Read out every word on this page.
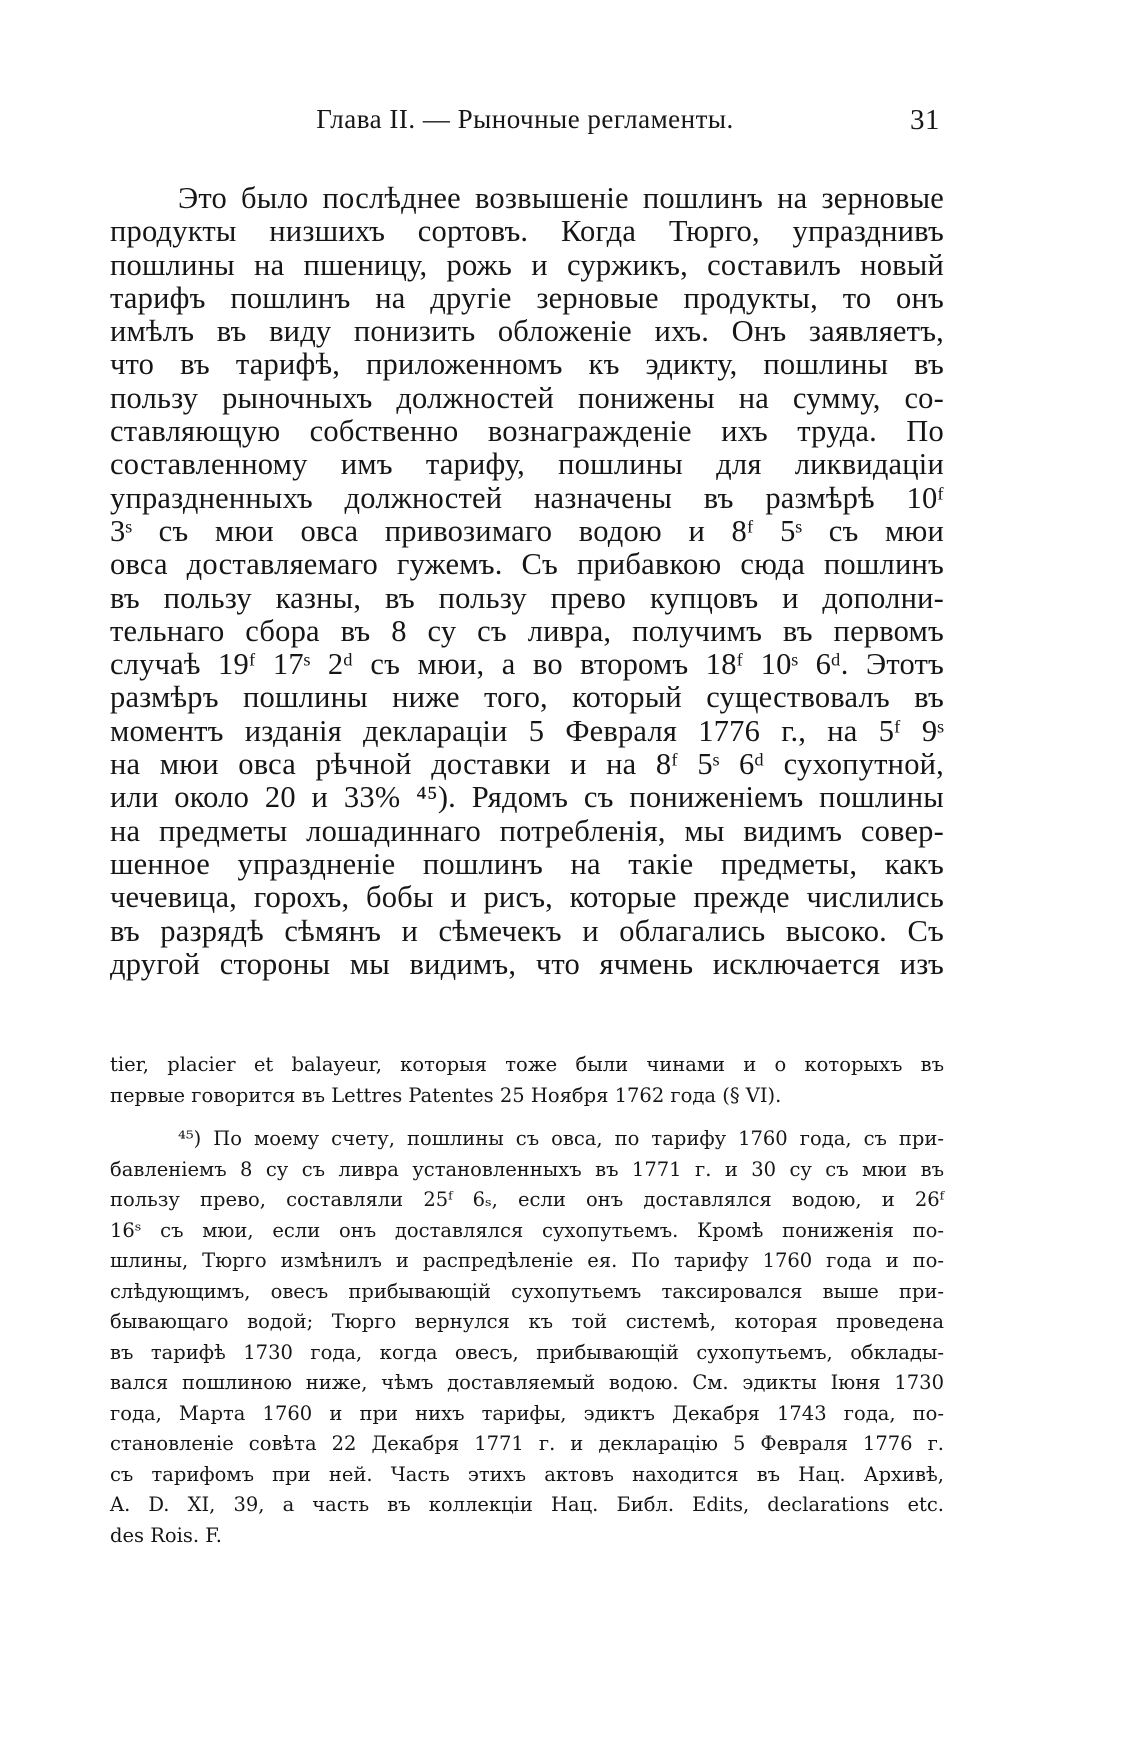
Глава II. — Рыночные регламенты.	31
Это было послѣднее возвышеніе пошлинъ на зерновые
продукты низшихъ сортовъ. Когда Тюрго, упразднивъ
пошлины на пшеницу, рожь и суржикъ, составилъ новый
тарифъ пошлинъ на другіе зерновые продукты, то онъ
имѣлъ въ виду понизить обложеніе ихъ. Онъ заявляетъ,
что въ тарифѣ, приложенномъ къ эдикту, пошлины въ
пользу рыночныхъ должностей понижены на сумму, со-
ставляющую собственно вознагражденіе ихъ труда. По
составленному имъ тарифу, пошлины для ликвидаціи
упраздненныхъ должностей назначены въ размѣрѣ 10ᶠ
3ˢ съ мюи овса привозимаго водою и 8ᶠ 5ˢ съ мюи
овса доставляемаго гужемъ. Съ прибавкою сюда пошлинъ
въ пользу казны, въ пользу прево купцовъ и дополни-
тельнаго сбора въ 8 су съ ливра, получимъ въ первомъ
случаѣ 19ᶠ 17ˢ 2ᵈ съ мюи, а во второмъ 18ᶠ 10ˢ 6ᵈ. Этотъ
размѣръ пошлины ниже того, который существовалъ въ
моментъ изданія деклараціи 5 Февраля 1776 г., на 5ᶠ 9ˢ
на мюи овса рѣчной доставки и на 8ᶠ 5ˢ 6ᵈ сухопутной,
или около 20 и 33% ⁴⁵). Рядомъ съ пониженіемъ пошлины
на предметы лошадиннаго потребленія, мы видимъ совер-
шенное упраздненіе пошлинъ на такіе предметы, какъ
чечевица, горохъ, бобы и рисъ, которые прежде числились
въ разрядѣ сѣмянъ и сѣмечекъ и облагались высоко. Съ
другой стороны мы видимъ, что ячмень исключается изъ
tier, placier et balayeur, которыя тоже были чинами и о которыхъ въ
первые говорится въ Lettres Patentes 25 Ноября 1762 года (§ VI).
⁴⁵) По моему счету, пошлины съ овса, по тарифу 1760 года, съ при-
бавленіемъ 8 су съ ливра установленныхъ въ 1771 г. и 30 су съ мюи въ
пользу прево, составляли 25ᶠ 6ₛ, если онъ доставлялся водою, и 26ᶠ
16ˢ съ мюи, если онъ доставлялся сухопутьемъ. Кромѣ пониженія по-
шлины, Тюрго измѣнилъ и распредѣленіе ея. По тарифу 1760 года и по-
слѣдующимъ, овесъ прибывающій сухопутьемъ таксировался выше при-
бывающаго водой; Тюрго вернулся къ той системѣ, которая проведена
въ тарифѣ 1730 года, когда овесъ, прибывающій сухопутьемъ, обклады-
вался пошлиною ниже, чѣмъ доставляемый водою. См. эдикты Іюня 1730
года, Марта 1760 и при нихъ тарифы, эдиктъ Декабря 1743 года, по-
становленіе совѣта 22 Декабря 1771 г. и декларацію 5 Февраля 1776 г.
съ тарифомъ при ней. Часть этихъ актовъ находится въ Нац. Архивѣ,
A. D. XI, 39, а часть въ коллекціи Нац. Библ. Edits, declarations etc.
des Rois. F.
